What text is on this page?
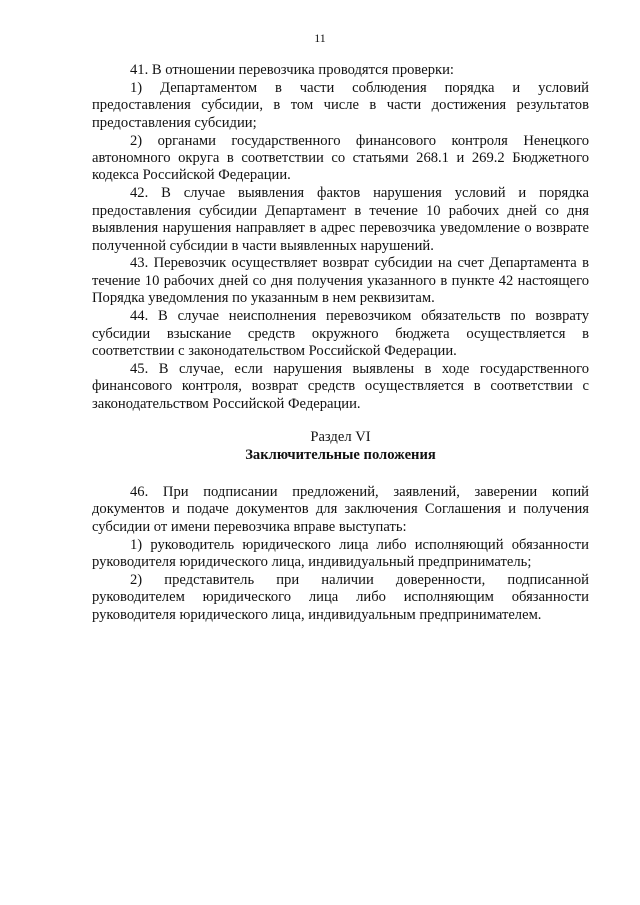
11

41. В отношении перевозчика проводятся проверки:

1) Департаментом в части соблюдения порядка и условий предоставления субсидии, в том числе в части достижения результатов предоставления субсидии;

2) органами государственного финансового контроля Ненецкого автономного округа в соответствии со статьями 268.1 и 269.2 Бюджетного кодекса Российской Федерации.

42. В случае выявления фактов нарушения условий и порядка предоставления субсидии Департамент в течение 10 рабочих дней со дня выявления нарушения направляет в адрес перевозчика уведомление о возврате полученной субсидии в части выявленных нарушений.

43. Перевозчик осуществляет возврат субсидии на счет Департамента в течение 10 рабочих дней со дня получения указанного в пункте 42 настоящего Порядка уведомления по указанным в нем реквизитам.

44. В случае неисполнения перевозчиком обязательств по возврату субсидии взыскание средств окружного бюджета осуществляется в соответствии с законодательством Российской Федерации.

45. В случае, если нарушения выявлены в ходе государственного финансового контроля, возврат средств осуществляется в соответствии с законодательством Российской Федерации.

Раздел VI
Заключительные положения

46. При подписании предложений, заявлений, заверении копий документов и подаче документов для заключения Соглашения и получения субсидии от имени перевозчика вправе выступать:

1) руководитель юридического лица либо исполняющий обязанности руководителя юридического лица, индивидуальный предприниматель;

2) представитель при наличии доверенности, подписанной руководителем юридического лица либо исполняющим обязанности руководителя юридического лица, индивидуальным предпринимателем.
